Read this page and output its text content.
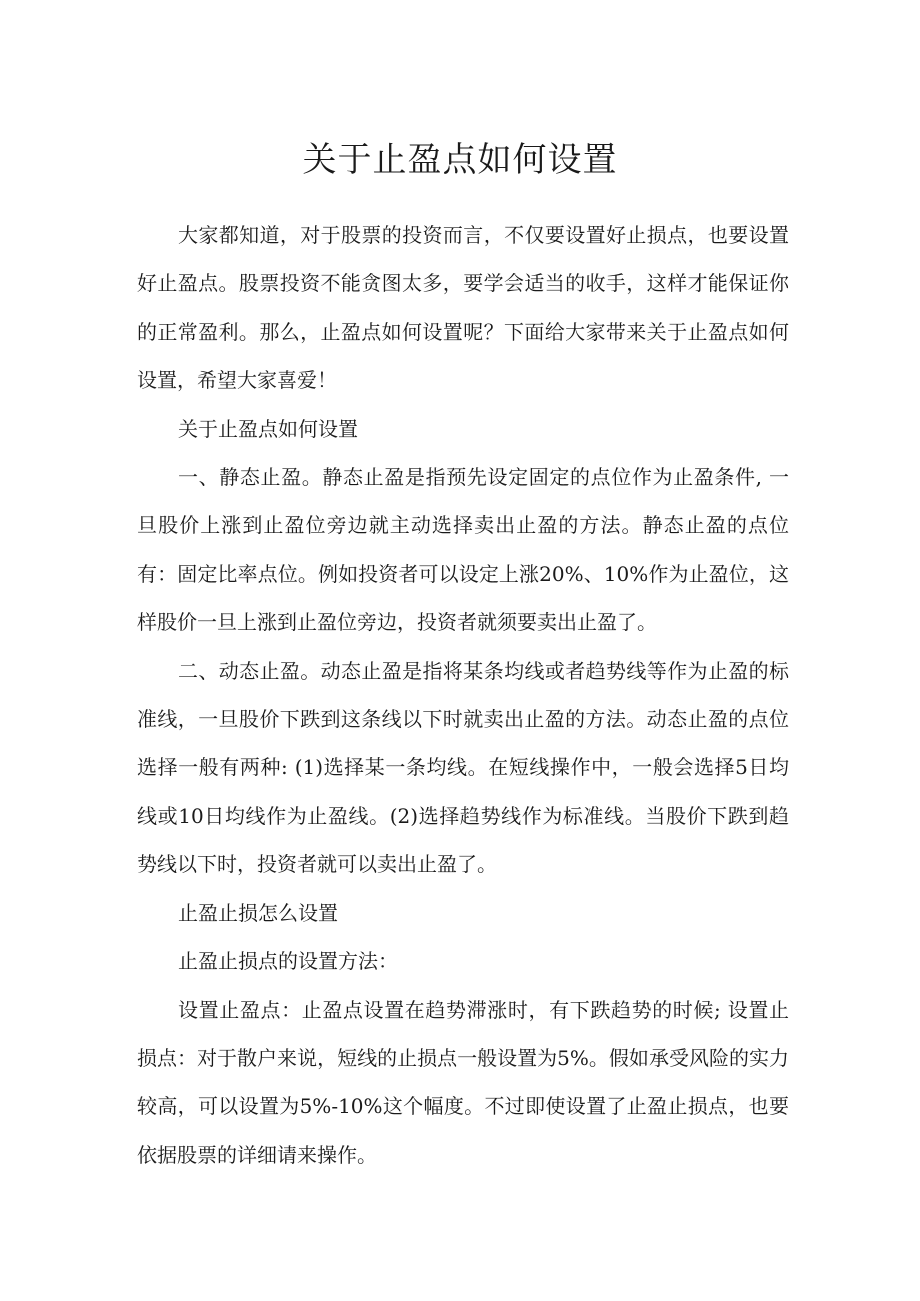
关于止盈点如何设置

大家都知道，对于股票的投资而言，不仅要设置好止损点，也要设置好止盈点。股票投资不能贪图太多，要学会适当的收手，这样才能保证你的正常盈利。那么，止盈点如何设置呢？下面给大家带来关于止盈点如何设置，希望大家喜爱！

关于止盈点如何设置

一、静态止盈。静态止盈是指预先设定固定的点位作为止盈条件, 一旦股价上涨到止盈位旁边就主动选择卖出止盈的方法。静态止盈的点位有：固定比率点位。例如投资者可以设定上涨20%、10%作为止盈位，这样股价一旦上涨到止盈位旁边，投资者就须要卖出止盈了。

二、动态止盈。动态止盈是指将某条均线或者趋势线等作为止盈的标准线，一旦股价下跌到这条线以下时就卖出止盈的方法。动态止盈的点位选择一般有两种: (1)选择某一条均线。在短线操作中，一般会选择5日均线或10日均线作为止盈线。(2)选择趋势线作为标准线。当股价下跌到趋势线以下时，投资者就可以卖出止盈了。

止盈止损怎么设置

止盈止损点的设置方法：

设置止盈点：止盈点设置在趋势滞涨时，有下跌趋势的时候; 设置止损点：对于散户来说，短线的止损点一般设置为5%。假如承受风险的实力较高，可以设置为5%-10%这个幅度。不过即使设置了止盈止损点，也要依据股票的详细请来操作。
